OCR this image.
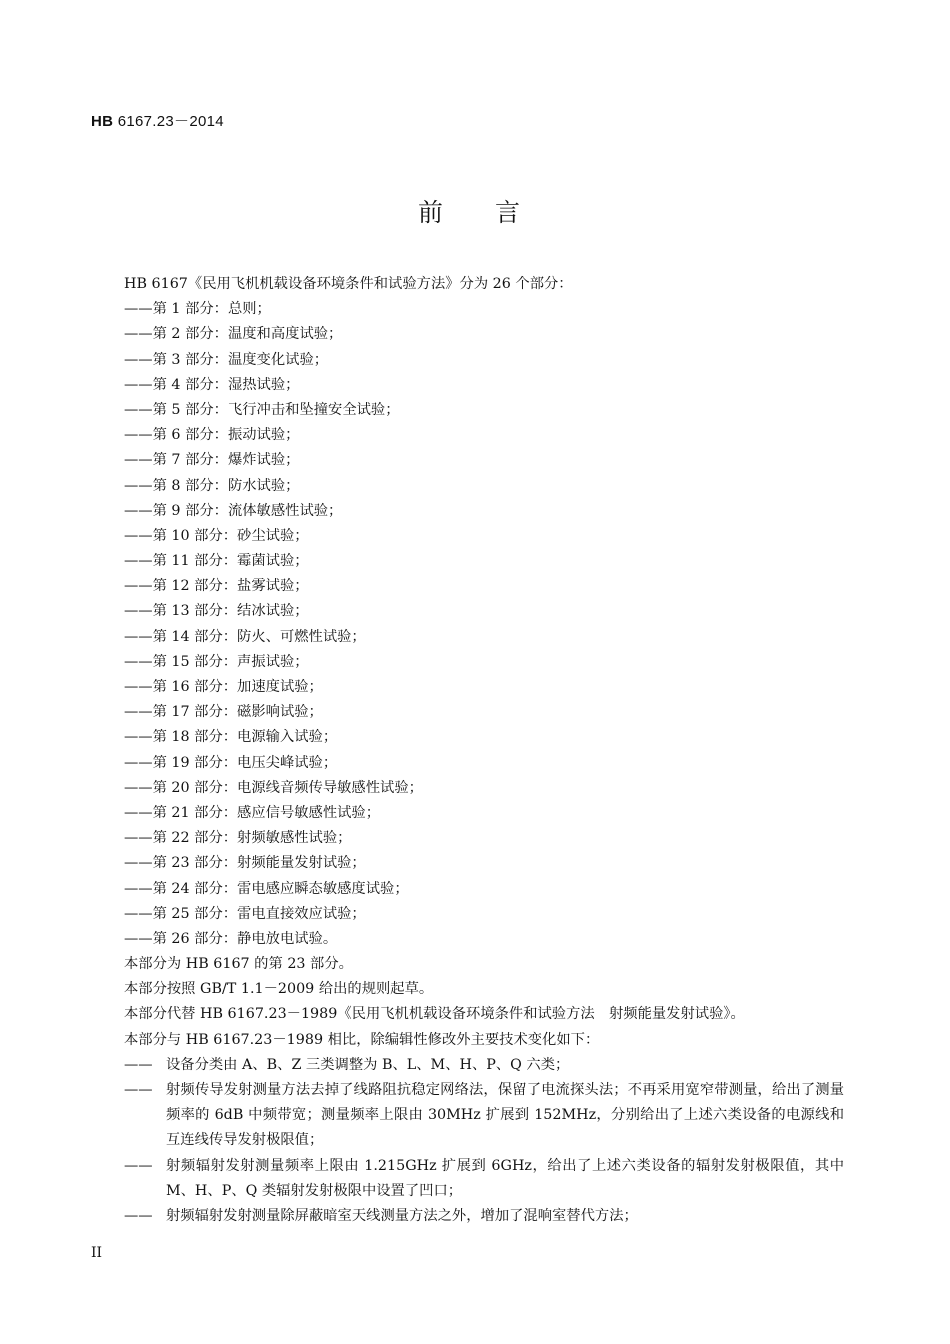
HB 6167.23－2014
前言
HB 6167《民用飞机机载设备环境条件和试验方法》分为 26 个部分：
——第 1 部分：总则；
——第 2 部分：温度和高度试验；
——第 3 部分：温度变化试验；
——第 4 部分：湿热试验；
——第 5 部分：飞行冲击和坠撞安全试验；
——第 6 部分：振动试验；
——第 7 部分：爆炸试验；
——第 8 部分：防水试验；
——第 9 部分：流体敏感性试验；
——第 10 部分：砂尘试验；
——第 11 部分：霉菌试验；
——第 12 部分：盐雾试验；
——第 13 部分：结冰试验；
——第 14 部分：防火、可燃性试验；
——第 15 部分：声振试验；
——第 16 部分：加速度试验；
——第 17 部分：磁影响试验；
——第 18 部分：电源输入试验；
——第 19 部分：电压尖峰试验；
——第 20 部分：电源线音频传导敏感性试验；
——第 21 部分：感应信号敏感性试验；
——第 22 部分：射频敏感性试验；
——第 23 部分：射频能量发射试验；
——第 24 部分：雷电感应瞬态敏感度试验；
——第 25 部分：雷电直接效应试验；
——第 26 部分：静电放电试验。
本部分为 HB 6167 的第 23 部分。
本部分按照 GB/T 1.1－2009 给出的规则起草。
本部分代替 HB 6167.23－1989《民用飞机机载设备环境条件和试验方法　射频能量发射试验》。
本部分与 HB 6167.23－1989 相比，除编辑性修改外主要技术变化如下：
—— 设备分类由 A、B、Z 三类调整为 B、L、M、H、P、Q 六类；
—— 射频传导发射测量方法去掉了线路阻抗稳定网络法，保留了电流探头法；不再采用宽窄带测量，给出了测量频率的 6dB 中频带宽；测量频率上限由 30MHz 扩展到 152MHz，分别给出了上述六类设备的电源线和互连线传导发射极限值；
—— 射频辐射发射测量频率上限由 1.215GHz 扩展到 6GHz，给出了上述六类设备的辐射发射极限值，其中 M、H、P、Q 类辐射发射极限中设置了凹口；
—— 射频辐射发射测量除屏蔽暗室天线测量方法之外，增加了混响室替代方法；
II
